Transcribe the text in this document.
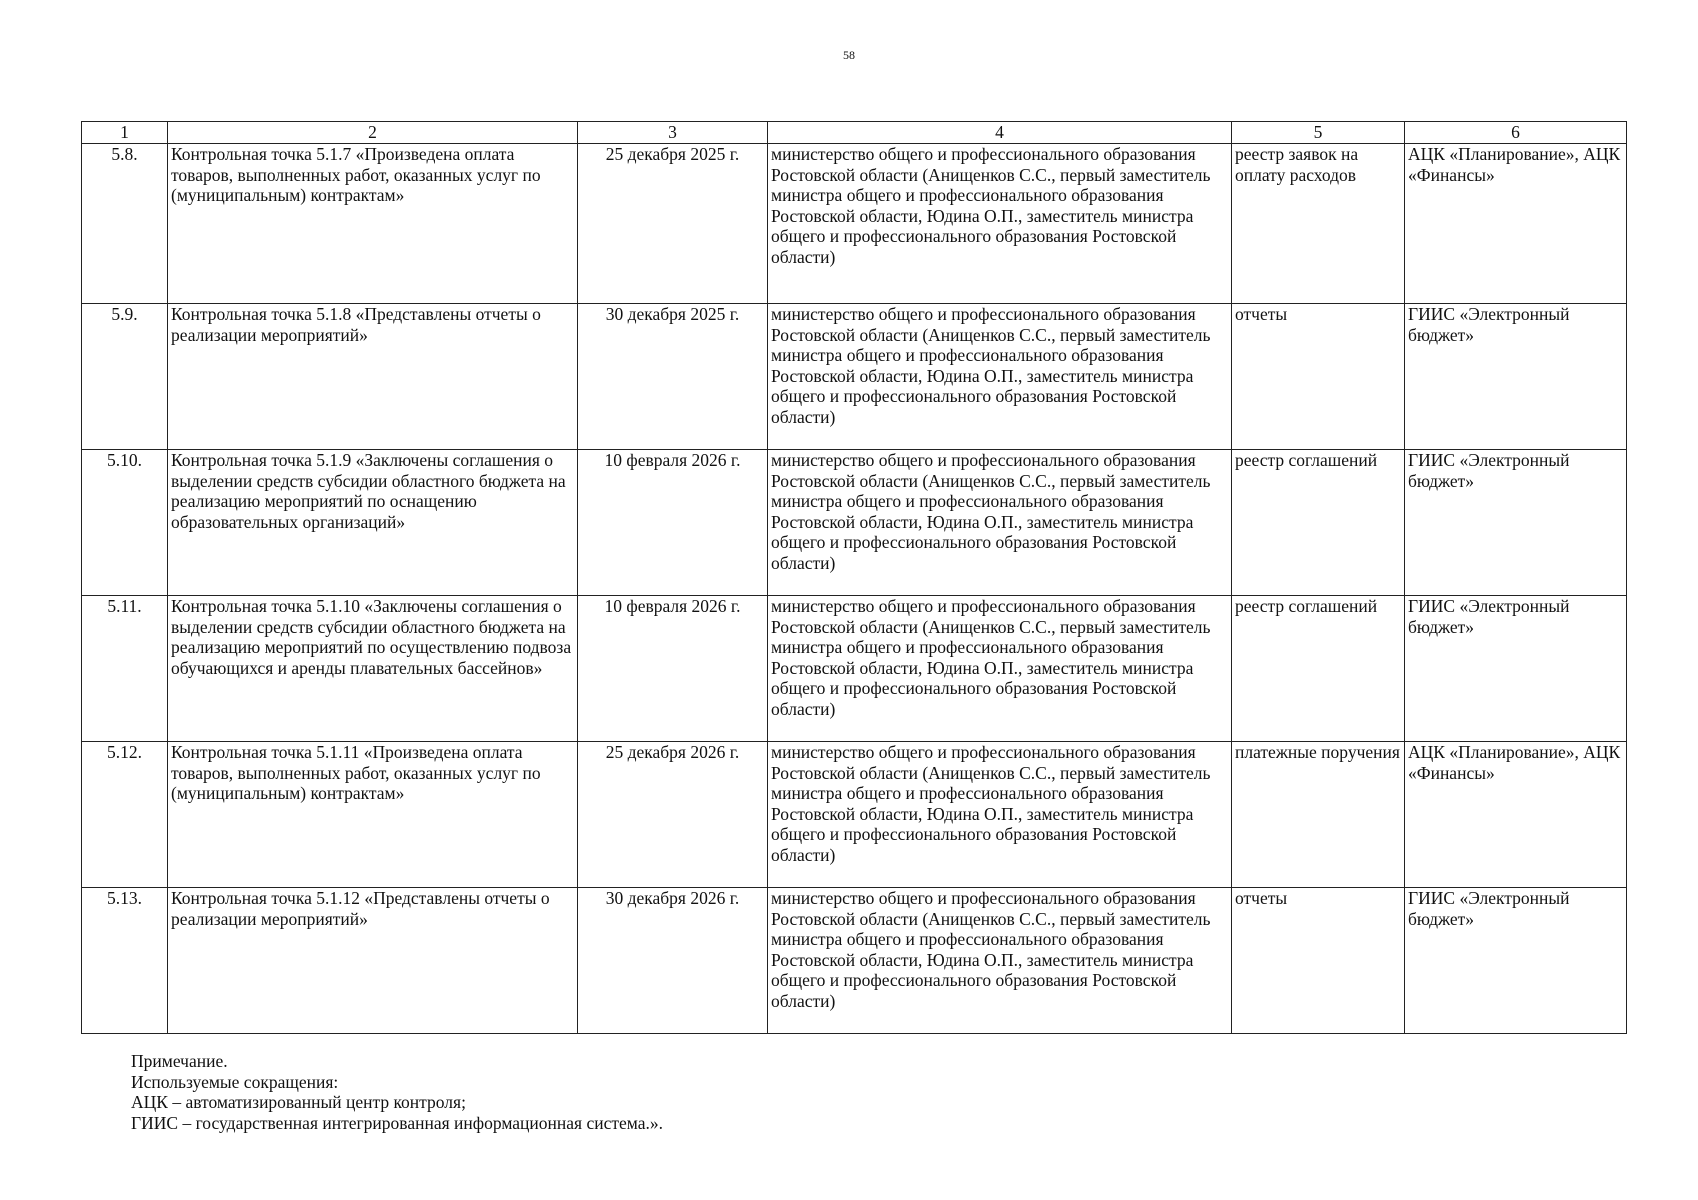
58
1	2	3	4	5	6
5.8.	Контрольная точка 5.1.7 «Произведена оплата товаров, выполненных работ, оказанных услуг по (муниципальным) контрактам»	25 декабря 2025 г.	министерство общего и профессионального образования Ростовской области (Анищенков С.С., первый заместитель министра общего и профессионального образования Ростовской области, Юдина О.П., заместитель министра общего и профессионального образования Ростовской области)	реестр заявок на оплату расходов	АЦК «Планирование», АЦК «Финансы»
5.9.	Контрольная точка 5.1.8 «Представлены отчеты о реализации мероприятий»	30 декабря 2025 г.	министерство общего и профессионального образования Ростовской области (Анищенков С.С., первый заместитель министра общего и профессионального образования Ростовской области, Юдина О.П., заместитель министра общего и профессионального образования Ростовской области)	отчеты	ГИИС «Электронный бюджет»
5.10.	Контрольная точка 5.1.9 «Заключены соглашения о выделении средств субсидии областного бюджета на реализацию мероприятий по оснащению образовательных организаций»	10 февраля 2026 г.	министерство общего и профессионального образования Ростовской области (Анищенков С.С., первый заместитель министра общего и профессионального образования Ростовской области, Юдина О.П., заместитель министра общего и профессионального образования Ростовской области)	реестр соглашений	ГИИС «Электронный бюджет»
5.11.	Контрольная точка 5.1.10 «Заключены соглашения о выделении средств субсидии областного бюджета на реализацию мероприятий по осуществлению подвоза обучающихся и аренды плавательных бассейнов»	10 февраля 2026 г.	министерство общего и профессионального образования Ростовской области (Анищенков С.С., первый заместитель министра общего и профессионального образования Ростовской области, Юдина О.П., заместитель министра общего и профессионального образования Ростовской области)	реестр соглашений	ГИИС «Электронный бюджет»
5.12.	Контрольная точка 5.1.11 «Произведена оплата товаров, выполненных работ, оказанных услуг по (муниципальным) контрактам»	25 декабря 2026 г.	министерство общего и профессионального образования Ростовской области (Анищенков С.С., первый заместитель министра общего и профессионального образования Ростовской области, Юдина О.П., заместитель министра общего и профессионального образования Ростовской области)	платежные поручения	АЦК «Планирование», АЦК «Финансы»
5.13.	Контрольная точка 5.1.12 «Представлены отчеты о реализации мероприятий»	30 декабря 2026 г.	министерство общего и профессионального образования Ростовской области (Анищенков С.С., первый заместитель министра общего и профессионального образования Ростовской области, Юдина О.П., заместитель министра общего и профессионального образования Ростовской области)	отчеты	ГИИС «Электронный бюджет»
Примечание.
Используемые сокращения:
АЦК – автоматизированный центр контроля;
ГИИС – государственная интегрированная информационная система.».
